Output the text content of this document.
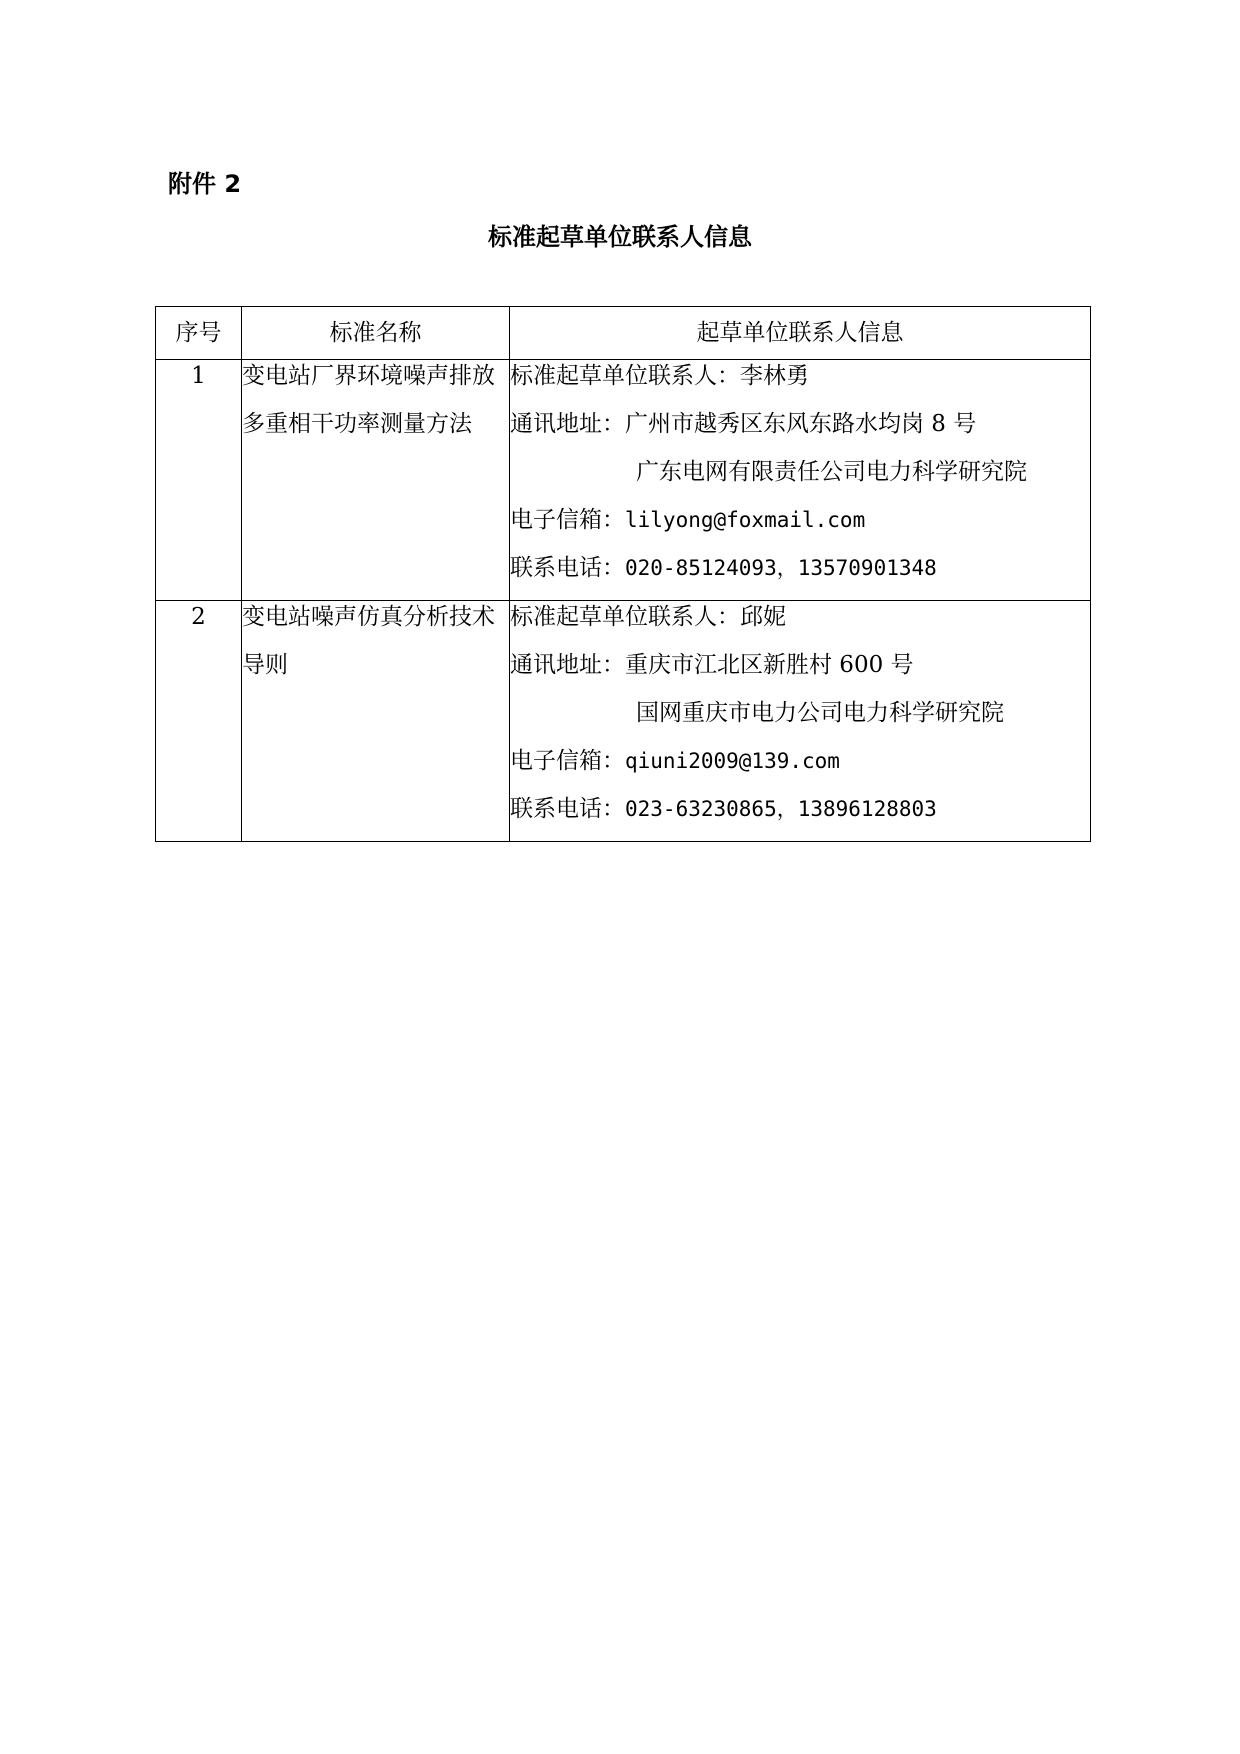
附件 2
标准起草单位联系人信息
序号	标准名称	起草单位联系人信息
1	变电站厂界环境噪声排放多重相干功率测量方法	标准起草单位联系人：李林勇
通讯地址：广州市越秀区东风东路水均岗 8 号
广东电网有限责任公司电力科学研究院
电子信箱：lilyong@foxmail.com
联系电话：020-85124093，13570901348

2	变电站噪声仿真分析技术导则	标准起草单位联系人：邱妮
通讯地址：重庆市江北区新胜村 600 号
国网重庆市电力公司电力科学研究院
电子信箱：qiuni2009@139.com
联系电话：023-63230865，13896128803
